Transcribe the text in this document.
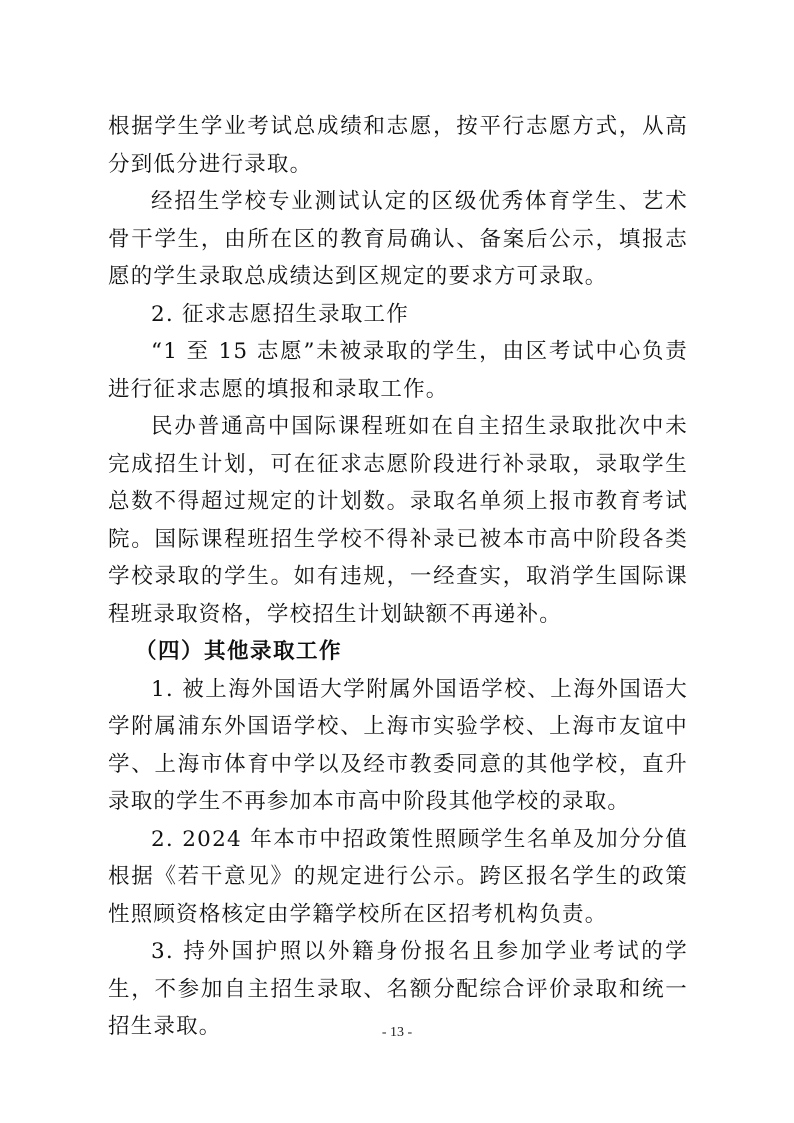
根据学生学业考试总成绩和志愿，按平行志愿方式，从高分到低分进行录取。

经招生学校专业测试认定的区级优秀体育学生、艺术骨干学生，由所在区的教育局确认、备案后公示，填报志愿的学生录取总成绩达到区规定的要求方可录取。

2. 征求志愿招生录取工作

“1 至 15 志愿”未被录取的学生，由区考试中心负责进行征求志愿的填报和录取工作。

民办普通高中国际课程班如在自主招生录取批次中未完成招生计划，可在征求志愿阶段进行补录取，录取学生总数不得超过规定的计划数。录取名单须上报市教育考试院。国际课程班招生学校不得补录已被本市高中阶段各类学校录取的学生。如有违规，一经查实，取消学生国际课程班录取资格，学校招生计划缺额不再递补。

（四）其他录取工作

1. 被上海外国语大学附属外国语学校、上海外国语大学附属浦东外国语学校、上海市实验学校、上海市友谊中学、上海市体育中学以及经市教委同意的其他学校，直升录取的学生不再参加本市高中阶段其他学校的录取。

2. 2024 年本市中招政策性照顾学生名单及加分分值根据《若干意见》的规定进行公示。跨区报名学生的政策性照顾资格核定由学籍学校所在区招考机构负责。

3. 持外国护照以外籍身份报名且参加学业考试的学生，不参加自主招生录取、名额分配综合评价录取和统一招生录取。	- 13 -
